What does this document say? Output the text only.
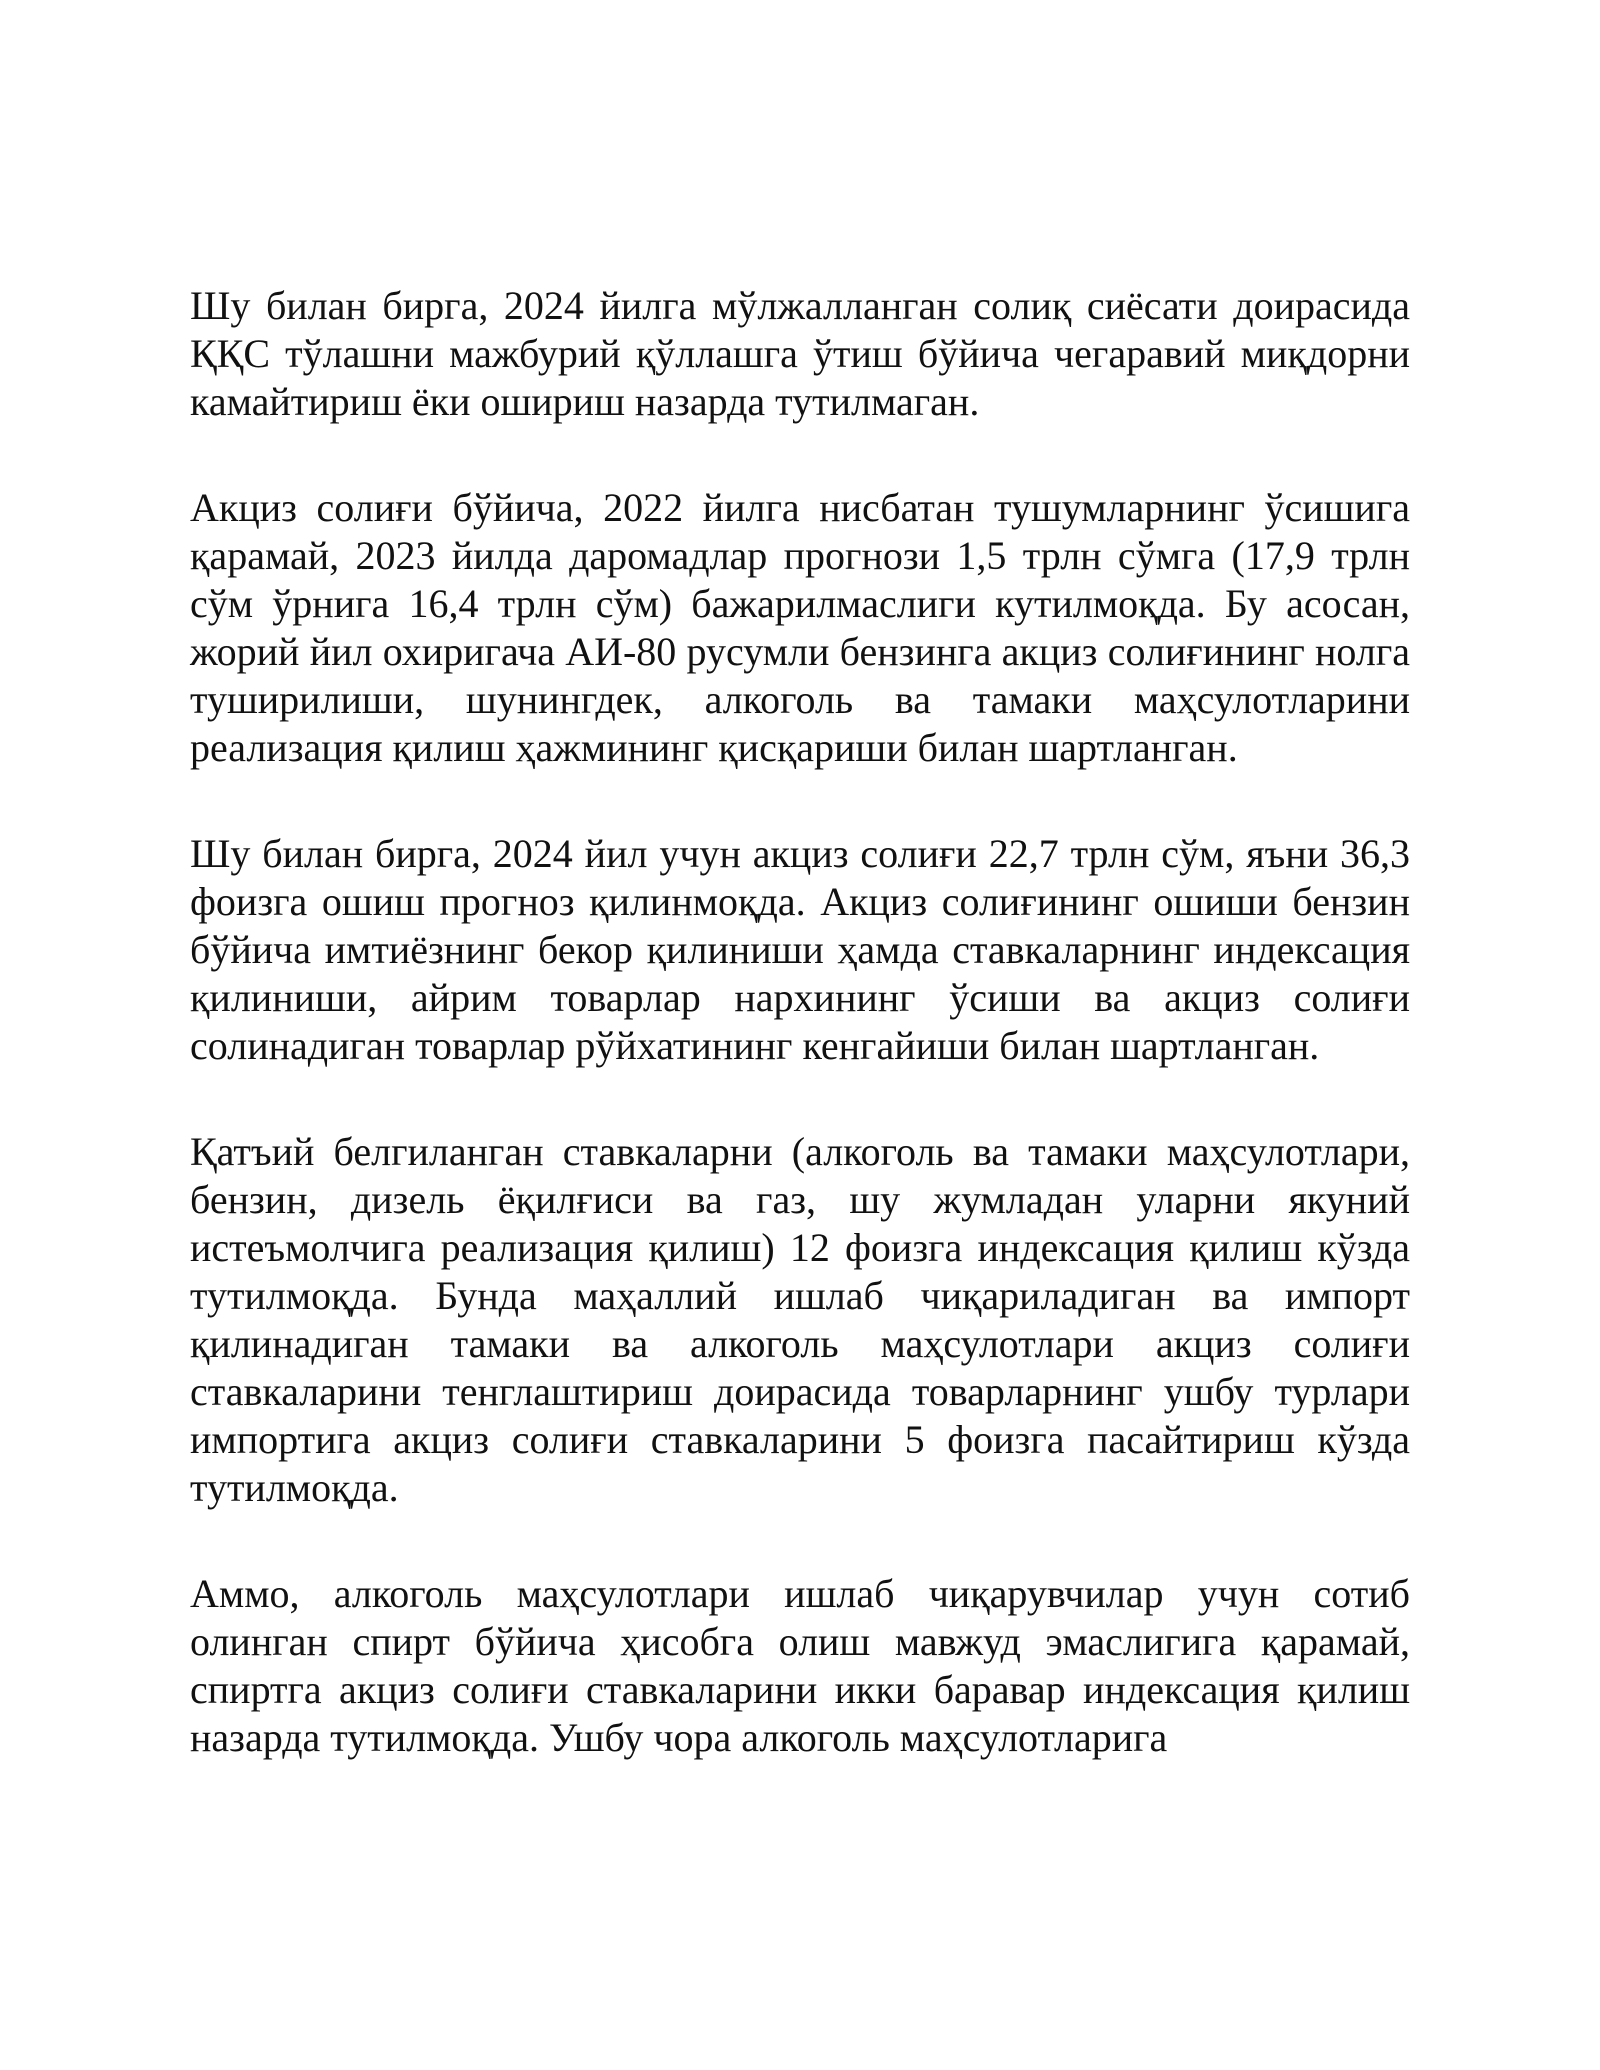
Шу билан бирга, 2024 йилга мўлжалланган солиқ сиёсати доирасида ҚҚС тўлашни мажбурий қўллашга ўтиш бўйича чегаравий миқдорни камайтириш ёки ошириш назарда тутилмаган.

Акциз солиғи бўйича, 2022 йилга нисбатан тушумларнинг ўсишига қарамай, 2023 йилда даромадлар прогнози 1,5 трлн сўмга (17,9 трлн сўм ўрнига 16,4 трлн сўм) бажарилмаслиги кутилмоқда. Бу асосан, жорий йил охиригача АИ-80 русумли бензинга акциз солиғининг нолга туширилиши, шунингдек, алкоголь ва тамаки маҳсулотларини реализация қилиш ҳажмининг қисқариши билан шартланган.

Шу билан бирга, 2024 йил учун акциз солиғи 22,7 трлн сўм, яъни 36,3 фоизга ошиш прогноз қилинмоқда. Акциз солиғининг ошиши бензин бўйича имтиёзнинг бекор қилиниши ҳамда ставкаларнинг индексация қилиниши, айрим товарлар нархининг ўсиши ва акциз солиғи солинадиган товарлар рўйхатининг кенгайиши билан шартланган.

Қатъий белгиланган ставкаларни (алкоголь ва тамаки маҳсулотлари, бензин, дизель ёқилғиси ва газ, шу жумладан уларни якуний истеъмолчига реализация қилиш) 12 фоизга индексация қилиш кўзда тутилмоқда. Бунда маҳаллий ишлаб чиқариладиган ва импорт қилинадиган тамаки ва алкоголь маҳсулотлари акциз солиғи ставкаларини тенглаштириш доирасида товарларнинг ушбу турлари импортига акциз солиғи ставкаларини 5 фоизга пасайтириш кўзда тутилмоқда.

Аммо, алкоголь маҳсулотлари ишлаб чиқарувчилар учун сотиб олинган спирт бўйича ҳисобга олиш мавжуд эмаслигига қарамай, спиртга акциз солиғи ставкаларини икки баравар индексация қилиш назарда тутилмоқда. Ушбу чора алкоголь маҳсулотларига
